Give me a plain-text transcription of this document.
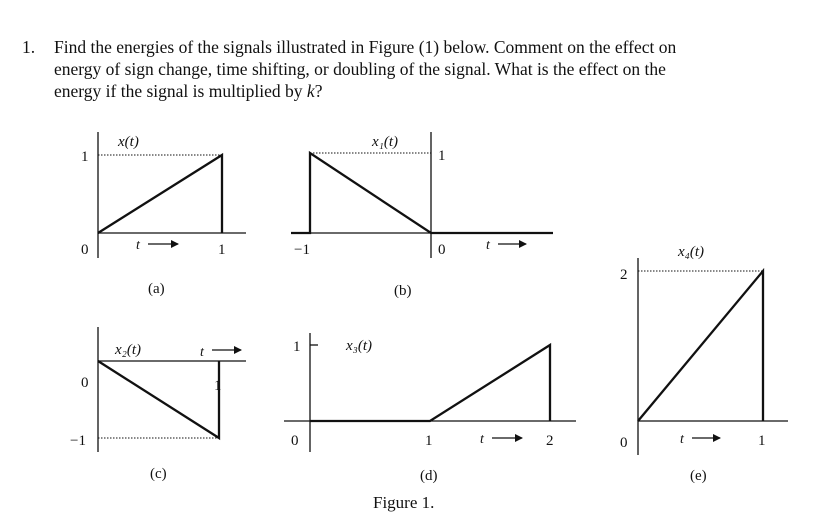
1. Find the energies of the signals illustrated in Figure (1) below. Comment on the effect on
energy of sign change, time shifting, or doubling of the signal. What is the effect on the
energy if the signal is multiplied by k?
x(t)
1
0	1
t
(a)
x₁(t)
1
−1	0	t
(b)
x₂(t)
0
−1
1
t
(c)
x₃(t)
1
0	1	2
t
(d)
x₄(t)
2
0	1
t
(e)
Figure 1.
